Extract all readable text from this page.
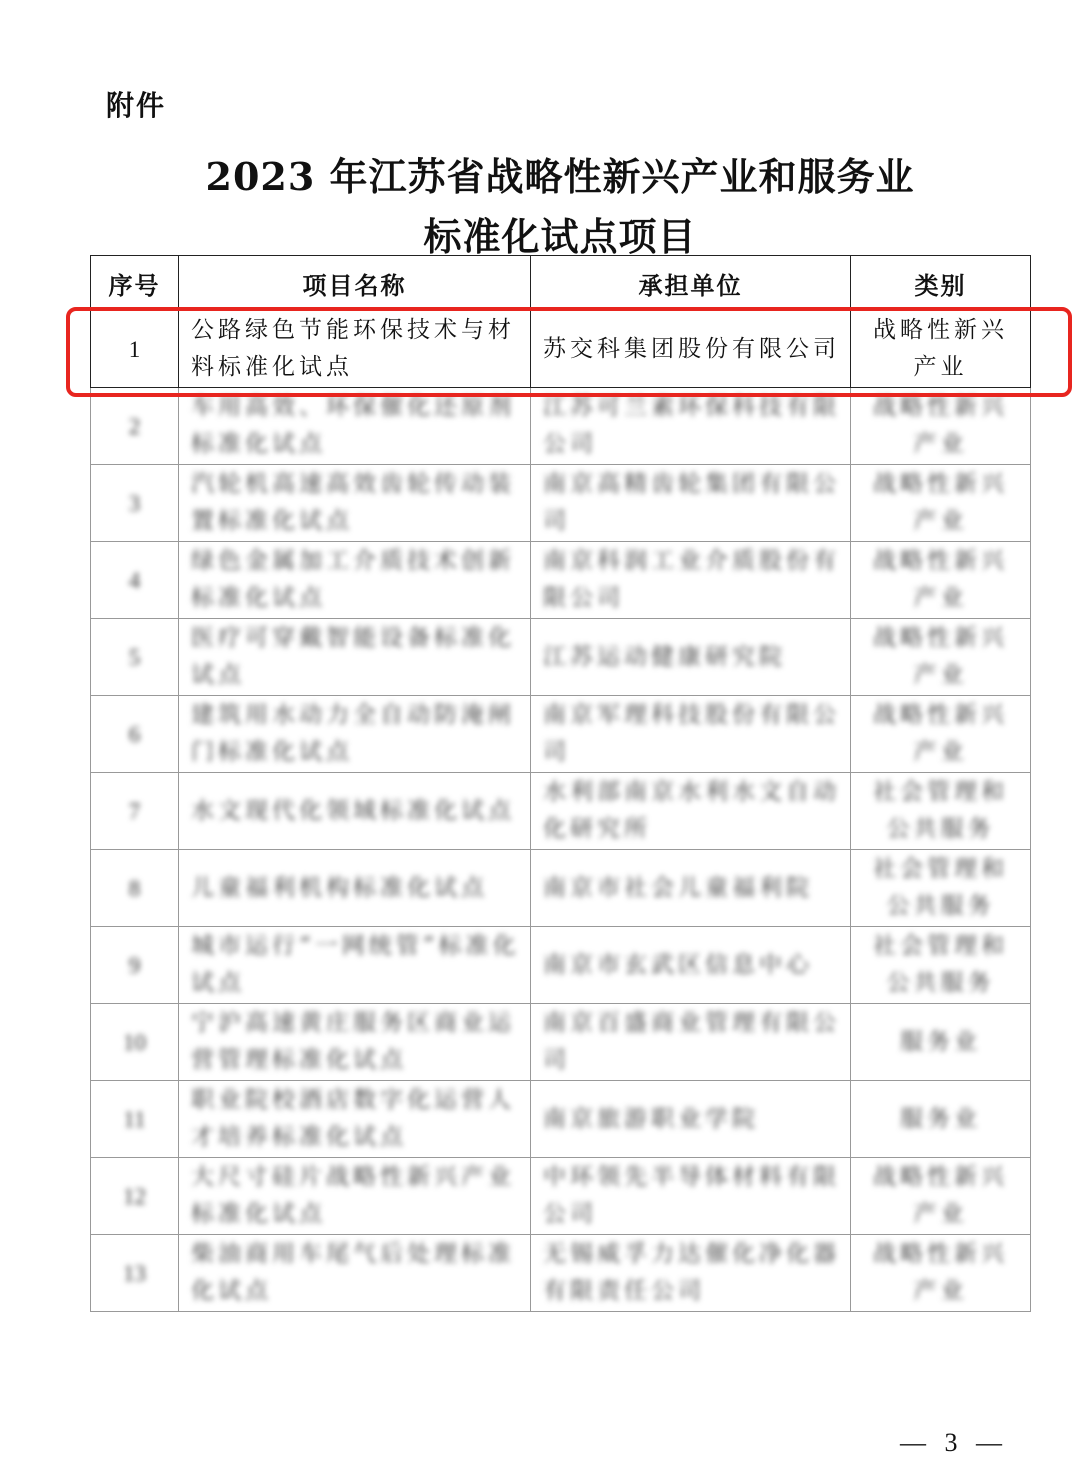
附件
2023 年江苏省战略性新兴产业和服务业
标准化试点项目
序号	项目名称	承担单位	类别
1	公路绿色节能环保技术与材料标准化试点	苏交科集团股份有限公司	战略性新兴产业
2	车用高效、环保催化还原剂标准化试点	江苏可兰素环保科技有限公司	战略性新兴产业
3	汽轮机高速高效齿轮传动装置标准化试点	南京高精齿轮集团有限公司	战略性新兴产业
4	绿色金属加工介质技术创新标准化试点	南京科润工业介质股份有限公司	战略性新兴产业
5	医疗可穿戴智能设备标准化试点	江苏运动健康研究院	战略性新兴产业
6	建筑用水动力全自动防淹闸门标准化试点	南京军理科技股份有限公司	战略性新兴产业
7	水文现代化领域标准化试点	水利部南京水利水文自动化研究所	社会管理和公共服务
8	儿童福利机构标准化试点	南京市社会儿童福利院	社会管理和公共服务
9	城市运行“一网统管”标准化试点	南京市玄武区信息中心	社会管理和公共服务
10	宁沪高速黄庄服务区商业运营管理标准化试点	南京百盛商业管理有限公司	服务业
11	职业院校酒店数字化运营人才培养标准化试点	南京旅游职业学院	服务业
12	大尺寸硅片战略性新兴产业标准化试点	中环领先半导体材料有限公司	战略性新兴产业
13	柴油商用车尾气后处理标准化试点	无锡威孚力达催化净化器有限责任公司	战略性新兴产业
— 3 —
